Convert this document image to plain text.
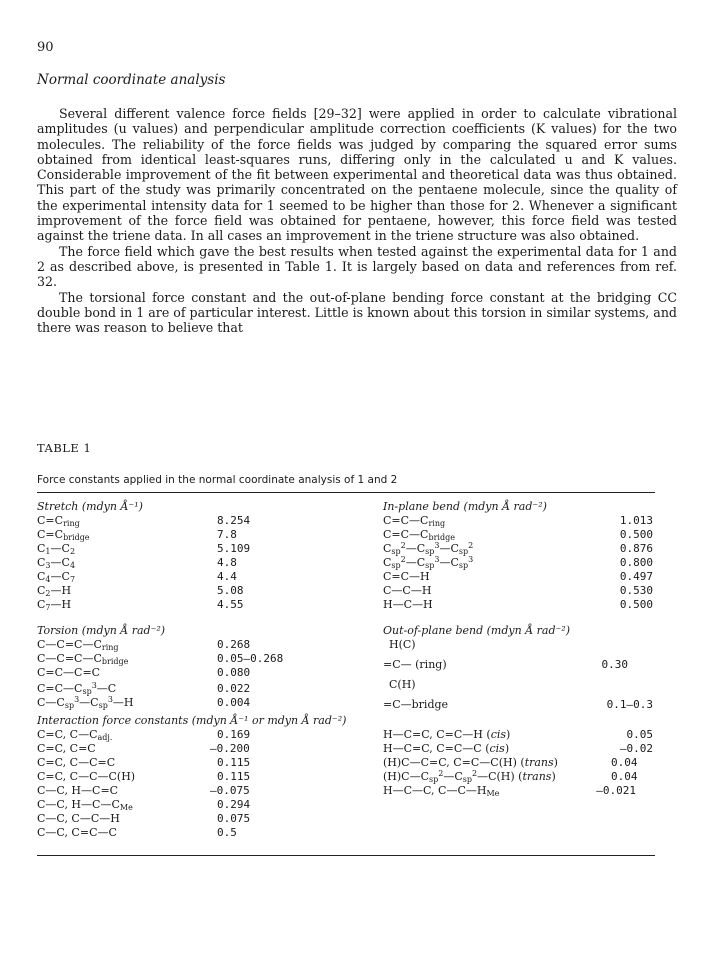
90
Normal coordinate analysis

Several different valence force fields [29–32] were applied in order to calculate vibrational amplitudes (u values) and perpendicular amplitude correction coefficients (K values) for the two molecules. The reliability of the force fields was judged by comparing the squared error sums obtained from identical least-squares runs, differing only in the calculated u and K values. Considerable improvement of the fit between experimental and theoretical data was thus obtained. This part of the study was primarily concentrated on the pentaene molecule, since the quality of the experimental intensity data for 1 seemed to be higher than those for 2. Whenever a significant improvement of the force field was obtained for pentaene, however, this force field was tested against the triene data. In all cases an improvement in the triene structure was also obtained.

The force field which gave the best results when tested against the experimental data for 1 and 2 as described above, is presented in Table 1. It is largely based on data and references from ref. 32.

The torsional force constant and the out-of-plane bending force constant at the bridging CC double bond in 1 are of particular interest. Little is known about this torsion in similar systems, and there was reason to believe that

TABLE 1
Force constants applied in the normal coordinate analysis of 1 and 2
Stretch (mdyn Å⁻¹)
$C=C_{ring}$	8.254
$C=C_{bridge}$	7.8
$C_1—C_2$	5.109
$C_3—C_4$	4.8
$C_4—C_7$	4.4
$C_2—H$	5.08
$C_7—H$	4.55
In-plane bend (mdyn Å rad⁻²)
$C=C—C_{ring}$	1.013
$C=C—C_{bridge}$	0.500
$C_{sp}^2—C_{sp}^3—C_{sp}^2$	0.876
$C_{sp}^2—C_{sp}^3—C_{sp}^3$	0.800
C=C—H	0.497
C—C—H	0.530
H—C—H	0.500
Torsion (mdyn Å rad⁻²)
$C—C=C—C_{ring}$	0.268
$C—C=C—C_{bridge}$	0.05—0.268
C=C—C=C	0.080
$C=C—C_{sp}^3—C$	0.022
$C—C_{sp}^3—C_{sp}^3—H$	0.004
Out-of-plane bend (mdyn Å rad⁻²)
H(C)
=C— (ring)	0.30
C(H)
=C—bridge	0.1—0.3
Interaction force constants (mdyn Å⁻¹ or mdyn Å rad⁻²)
C=C, $C—C_{adj.}$	0.169
C=C, C=C	—0.200
C=C, C—C=C	0.115
C=C, C—C—C(H)	0.115
C—C, H—C=C	—0.075
C—C, $H—C—C_{Me}$	0.294
C—C, C—C—H	0.075
C—C, C=C—C	0.5
H—C=C, C=C—H (cis)	0.05
H—C=C, C=C—C (cis)	—0.02
(H)C—C=C, C=C—C(H) (trans)	0.04
$(H)C—C_{sp}^2—C_{sp}^2—C(H)$ (trans)	0.04
H—C—C, $C—C—H_{Me}$	—0.021
